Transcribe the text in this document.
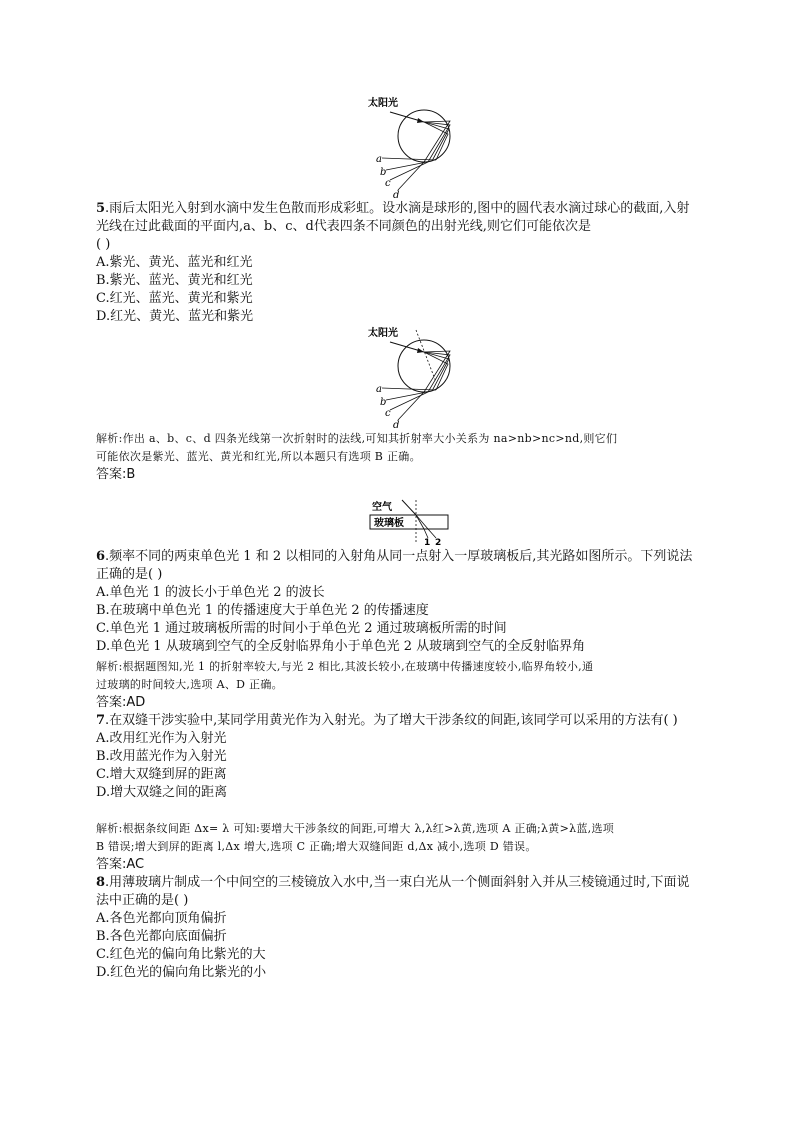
太阳光
a
b
c
d

5.雨后太阳光入射到水滴中发生色散而形成彩虹。设水滴是球形的,图中的圆代表水滴过球心的截面,入射光线在过此截面的平面内,a、b、c、d代表四条不同颜色的出射光线,则它们可能依次是

( )

A.紫光、黄光、蓝光和红光

B.紫光、蓝光、黄光和红光

C.红光、蓝光、黄光和紫光

D.红光、黄光、蓝光和紫光

太阳光
a
b
c
d
解析:作出 a、b、c、d 四条光线第一次折射时的法线,可知其折射率大小关系为 na>nb>nc>nd,则它们
可能依次是紫光、蓝光、黄光和红光,所以本题只有选项 B 正确。
答案:B
空气
玻璃板
1 2

6.频率不同的两束单色光 1 和 2 以相同的入射角从同一点射入一厚玻璃板后,其光路如图所示。下列说法正确的是( )

A.单色光 1 的波长小于单色光 2 的波长

B.在玻璃中单色光 1 的传播速度大于单色光 2 的传播速度

C.单色光 1 通过玻璃板所需的时间小于单色光 2 通过玻璃板所需的时间

D.单色光 1 从玻璃到空气的全反射临界角小于单色光 2 从玻璃到空气的全反射临界角

解析:根据题图知,光 1 的折射率较大,与光 2 相比,其波长较小,在玻璃中传播速度较小,临界角较小,通
过玻璃的时间较大,选项 A、D 正确。
答案:AD

7.在双缝干涉实验中,某同学用黄光作为入射光。为了增大干涉条纹的间距,该同学可以采用的方法有( )

A.改用红光作为入射光

B.改用蓝光作为入射光

C.增大双缝到屏的距离

D.增大双缝之间的距离

解析:根据条纹间距 Δx= λ 可知:要增大干涉条纹的间距,可增大 λ,λ红>λ黄,选项 A 正确;λ黄>λ蓝,选项
B 错误;增大到屏的距离 l,Δx 增大,选项 C 正确;增大双缝间距 d,Δx 减小,选项 D 错误。
答案:AC

8.用薄玻璃片制成一个中间空的三棱镜放入水中,当一束白光从一个侧面斜射入并从三棱镜通过时,下面说法中正确的是( )

A.各色光都向顶角偏折

B.各色光都向底面偏折

C.红色光的偏向角比紫光的大

D.红色光的偏向角比紫光的小
